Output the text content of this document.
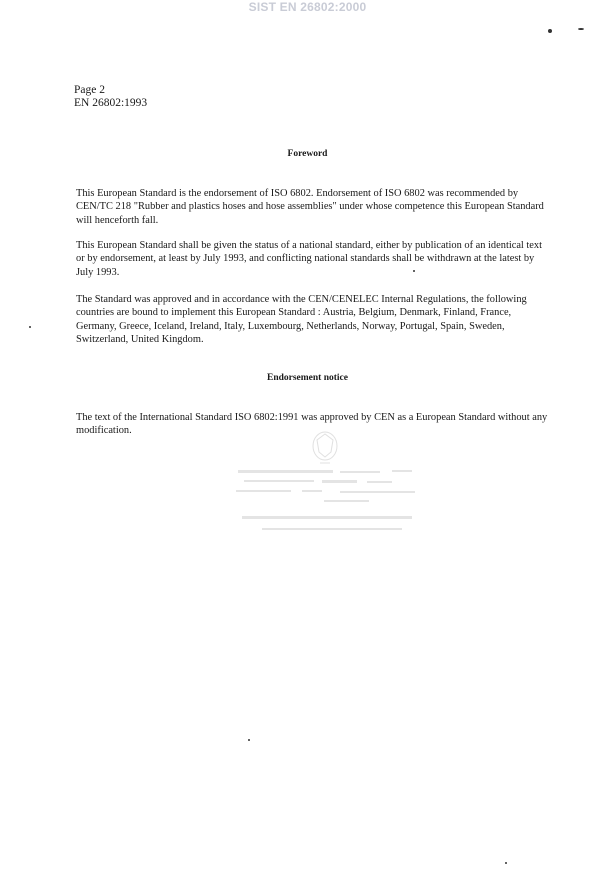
SIST EN 26802:2000
Page 2
EN 26802:1993
Foreword

This European Standard is the endorsement of ISO 6802. Endorsement of ISO 6802 was recommended by CEN/TC 218 "Rubber and plastics hoses and hose assemblies" under whose competence this European Standard will henceforth fall.

This European Standard shall be given the status of a national standard, either by publication of an identical text or by endorsement, at least by July 1993, and conflicting national standards shall be withdrawn at the latest by July 1993.

The Standard was approved and in accordance with the CEN/CENELEC Internal Regulations, the following countries are bound to implement this European Standard : Austria, Belgium, Denmark, Finland, France, Germany, Greece, Iceland, Ireland, Italy, Luxembourg, Netherlands, Norway, Portugal, Spain, Sweden, Switzerland, United Kingdom.

Endorsement notice

The text of the International Standard ISO 6802:1991 was approved by CEN as a European Standard without any modification.
